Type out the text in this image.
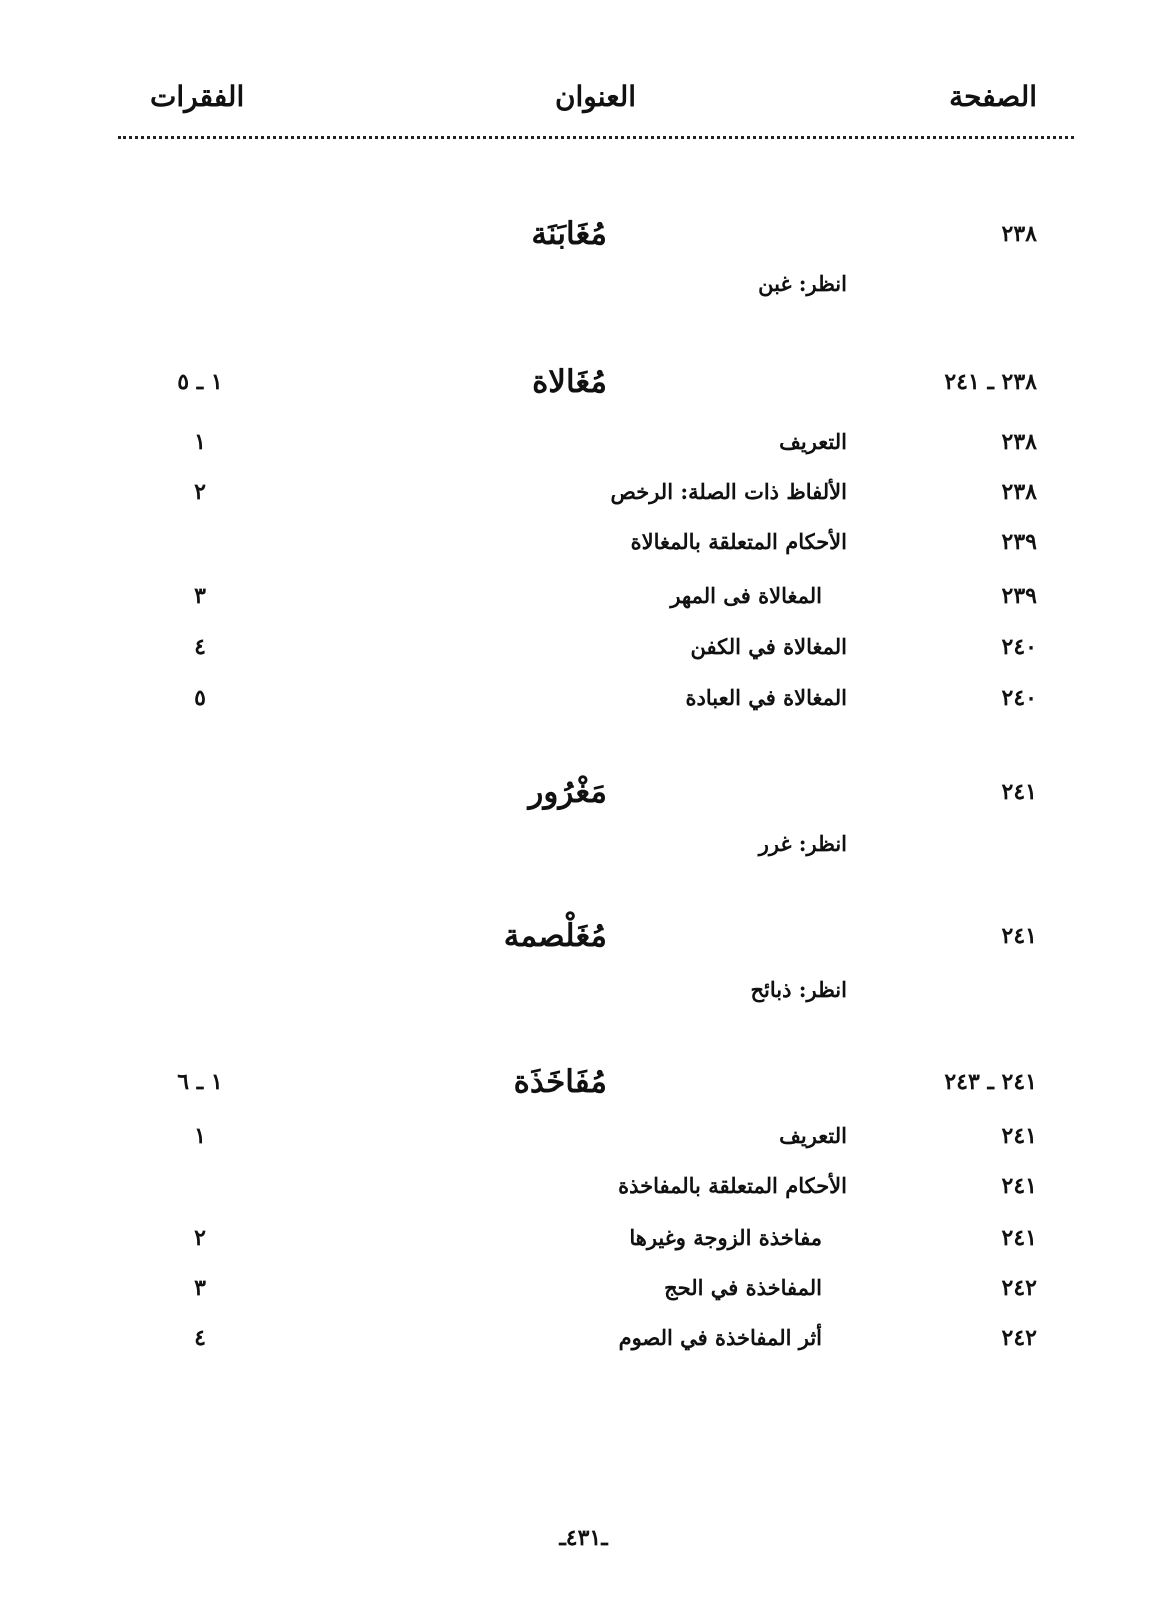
الصفحة
العنوان
الفقرات
٢٣٨
مُغَابَنَة
انظر: غبن
٢٣٨ ـ ٢٤١
مُغَالاة
١ ـ ٥
٢٣٨
التعريف
١
٢٣٨
الألفاظ ذات الصلة: الرخص
٢
٢٣٩
الأحكام المتعلقة بالمغالاة
٢٣٩
المغالاة فى المهر
٣
٢٤٠
المغالاة في الكفن
٤
٢٤٠
المغالاة في العبادة
٥
٢٤١
مَغْرُور
انظر: غرر
٢٤١
مُغَلْصمة
انظر: ذبائح
٢٤١ ـ ٢٤٣
مُفَاخَذَة
١ ـ ٦
٢٤١
التعريف
١
٢٤١
الأحكام المتعلقة بالمفاخذة
٢٤١
مفاخذة الزوجة وغيرها
٢
٢٤٢
المفاخذة في الحج
٣
٢٤٢
أثر المفاخذة في الصوم
٤
ـ٤٣١ـ
